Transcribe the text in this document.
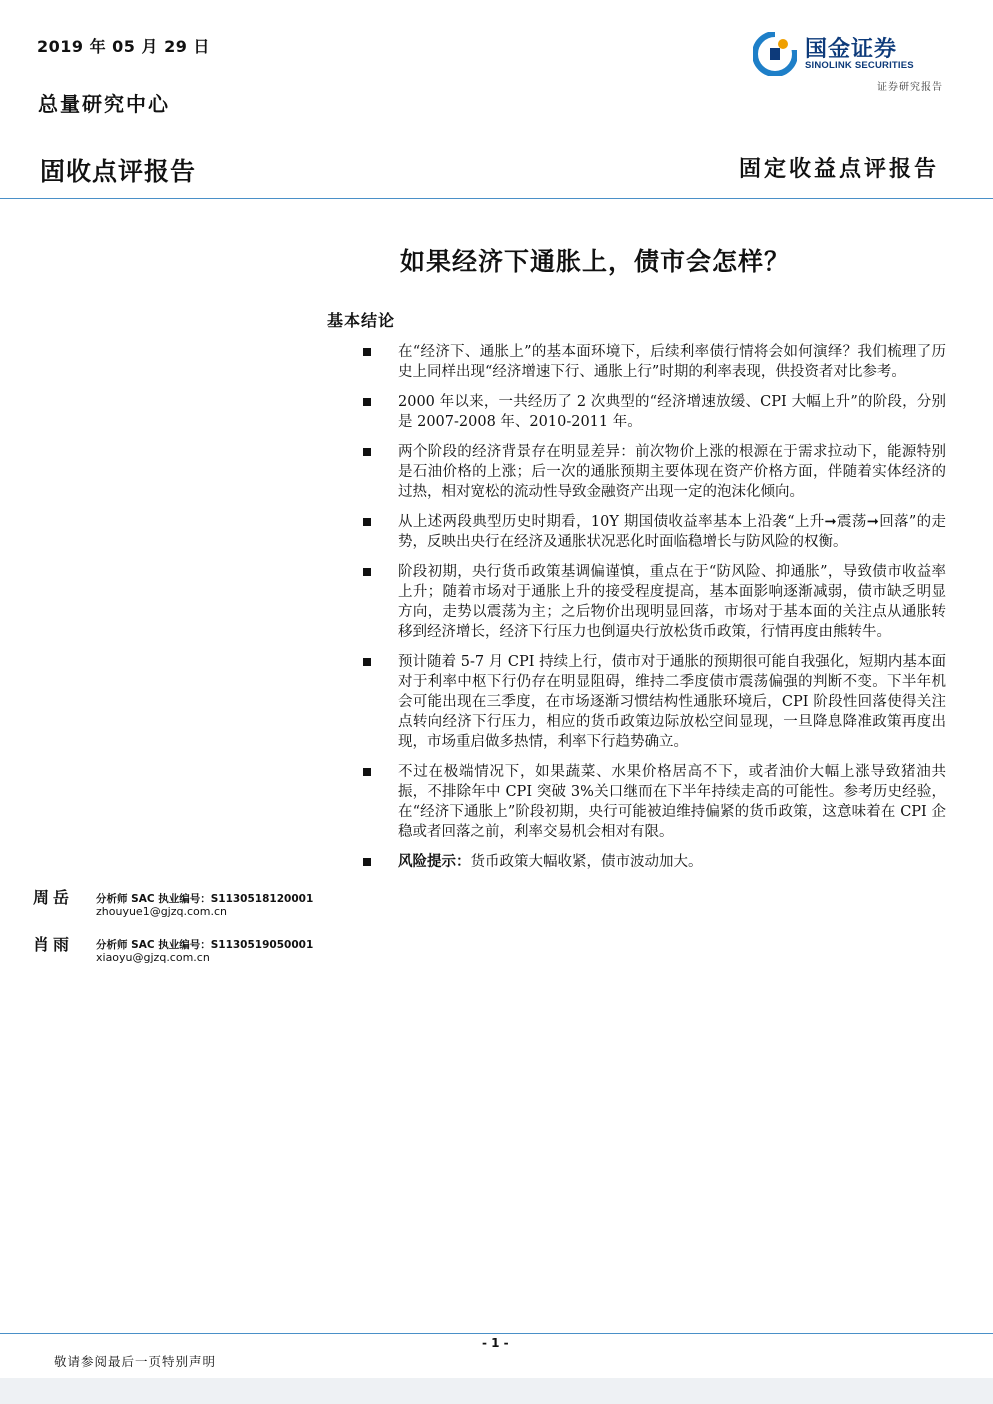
2019 年 05 月 29 日
总量研究中心
固收点评报告	固定收益点评报告
国金证券
SINOLINK SECURITIES
证券研究报告
如果经济下通胀上，债市会怎样？
基本结论
在“经济下、通胀上”的基本面环境下，后续利率债行情将会如何演绎？我们梳理了历史上同样出现“经济增速下行、通胀上行”时期的利率表现，供投资者对比参考。
2000 年以来，一共经历了 2 次典型的“经济增速放缓、CPI 大幅上升”的阶段，分别是 2007-2008 年、2010-2011 年。
两个阶段的经济背景存在明显差异：前次物价上涨的根源在于需求拉动下，能源特别是石油价格的上涨；后一次的通胀预期主要体现在资产价格方面，伴随着实体经济的过热，相对宽松的流动性导致金融资产出现一定的泡沫化倾向。
从上述两段典型历史时期看，10Y 期国债收益率基本上沿袭“上升➞震荡➞回落”的走势，反映出央行在经济及通胀状况恶化时面临稳增长与防风险的权衡。
阶段初期，央行货币政策基调偏谨慎，重点在于“防风险、抑通胀”，导致债市收益率上升；随着市场对于通胀上升的接受程度提高，基本面影响逐渐减弱，债市缺乏明显方向，走势以震荡为主；之后物价出现明显回落，市场对于基本面的关注点从通胀转移到经济增长，经济下行压力也倒逼央行放松货币政策，行情再度由熊转牛。
预计随着 5-7 月 CPI 持续上行，债市对于通胀的预期很可能自我强化，短期内基本面对于利率中枢下行仍存在明显阻碍，维持二季度债市震荡偏强的判断不变。下半年机会可能出现在三季度，在市场逐渐习惯结构性通胀环境后，CPI 阶段性回落使得关注点转向经济下行压力，相应的货币政策边际放松空间显现，一旦降息降准政策再度出现，市场重启做多热情，利率下行趋势确立。
不过在极端情况下，如果蔬菜、水果价格居高不下，或者油价大幅上涨导致猪油共振，不排除年中 CPI 突破 3%关口继而在下半年持续走高的可能性。参考历史经验，在“经济下通胀上”阶段初期，央行可能被迫维持偏紧的货币政策，这意味着在 CPI 企稳或者回落之前，利率交易机会相对有限。
风险提示：货币政策大幅收紧，债市波动加大。
周岳 分析师 SAC 执业编号：S1130518120001
zhouyue1@gjzq.com.cn
肖雨 分析师 SAC 执业编号：S1130519050001
xiaoyu@gjzq.com.cn
- 1 -
敬请参阅最后一页特别声明
